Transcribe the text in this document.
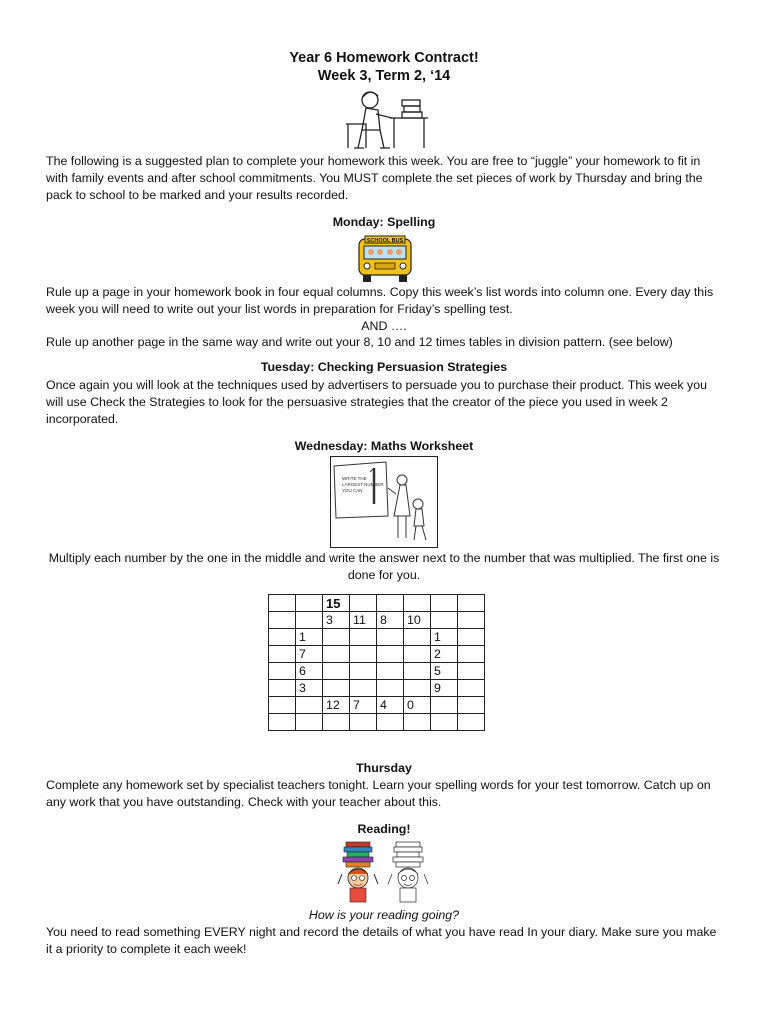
Year 6 Homework Contract!
Week 3, Term 2, ‘14
The following is a suggested plan to complete your homework this week. You are free to “juggle” your homework to fit in with family events and after school commitments. You MUST complete the set pieces of work by Thursday and bring the pack to school to be marked and your results recorded.
Monday: Spelling
SCHOOL BUS
Rule up a page in your homework book in four equal columns. Copy this week’s list words into column one. Every day this week you will need to write out your list words in preparation for Friday’s spelling test.
AND ….
Rule up another page in the same way and write out your 8, 10 and 12 times tables in division pattern. (see below)
Tuesday: Checking Persuasion Strategies
Once again you will look at the techniques used by advertisers to persuade you to purchase their product. This week you will use Check the Strategies to look for the persuasive strategies that the creator of the piece you used in week 2 incorporated.
Wednesday: Maths Worksheet
WRITE THE LARGEST NUMBER YOU CAN
Multiply each number by the one in the middle and write the answer next to the number that was multiplied. The first one is done for you.
		15					
		3	11	8	10		
	1					1	
	7					2	
	6					5	
	3					9	
		12	7	4	0		

Thursday
Complete any homework set by specialist teachers tonight. Learn your spelling words for your test tomorrow. Catch up on any work that you have outstanding. Check with your teacher about this.
Reading!
How is your reading going?
You need to read something EVERY night and record the details of what you have read In your diary. Make sure you make it a priority to complete it each week!
